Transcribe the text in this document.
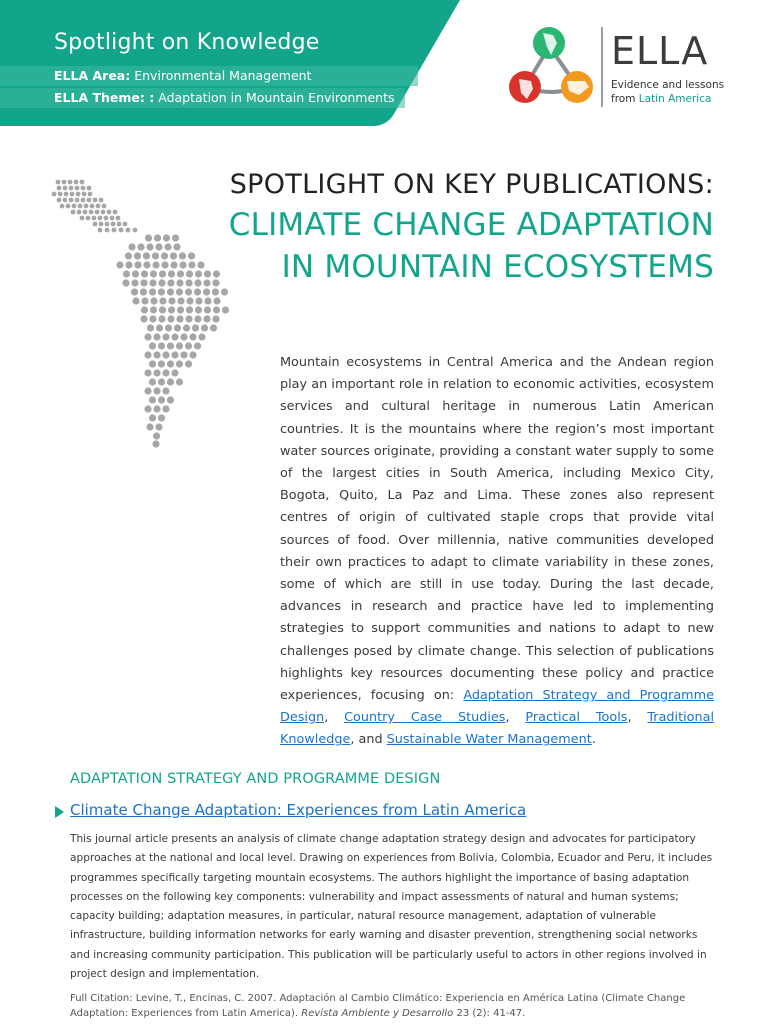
Spotlight on Knowledge
ELLA Area: Environmental Management
ELLA Theme: : Adaptation in Mountain Environments
ELLA
Evidence and lessons
from Latin America
SPOTLIGHT ON KEY PUBLICATIONS:
CLIMATE CHANGE ADAPTATION
IN MOUNTAIN ECOSYSTEMS
Mountain ecosystems in Central America and the Andean region play an important role in relation to economic activities, ecosystem services and cultural heritage in numerous Latin American countries. It is the mountains where the region’s most important water sources originate, providing a constant water supply to some of the largest cities in South America, including Mexico City, Bogota, Quito, La Paz and Lima. These zones also represent centres of origin of cultivated staple crops that provide vital sources of food. Over millennia, native communities developed their own practices to adapt to climate variability in these zones, some of which are still in use today. During the last decade, advances in research and practice have led to implementing strategies to support communities and nations to adapt to new challenges posed by climate change. This selection of publications highlights key resources documenting these policy and practice experiences, focusing on: Adaptation Strategy and Programme Design, Country Case Studies, Practical Tools, Traditional Knowledge, and Sustainable Water Management.
ADAPTATION STRATEGY AND PROGRAMME DESIGN
Climate Change Adaptation: Experiences from Latin America
This journal article presents an analysis of climate change adaptation strategy design and advocates for participatory approaches at the national and local level. Drawing on experiences from Bolivia, Colombia, Ecuador and Peru, it includes programmes specifically targeting mountain ecosystems. The authors highlight the importance of basing adaptation processes on the following key components: vulnerability and impact assessments of natural and human systems; capacity building; adaptation measures, in particular, natural resource management, adaptation of vulnerable infrastructure, building information networks for early warning and disaster prevention, strengthening social networks and increasing community participation. This publication will be particularly useful to actors in other regions involved in project design and implementation.
Full Citation: Levine, T., Encinas, C. 2007. Adaptación al Cambio Climático: Experiencia en América Latina (Climate Change Adaptation: Experiences from Latin America). Revista Ambiente y Desarrollo 23 (2): 41-47.
